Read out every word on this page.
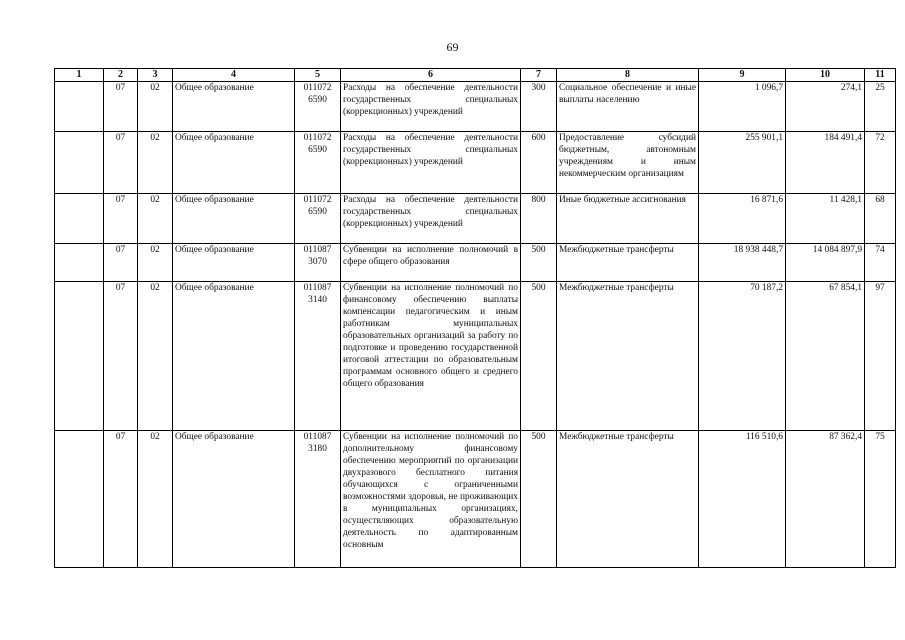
69
1	2	3	4	5	6	7	8	9	10	11
	07	02	Общее образование	011072 6590	Расходы на обеспечение деятельности государственных специальных (коррекционных) учреждений	300	Социальное обеспечение и иные выплаты населению	1 096,7	274,1	25
	07	02	Общее образование	011072 6590	Расходы на обеспечение деятельности государственных специальных (коррекционных) учреждений	600	Предоставление субсидий бюджетным, автономным учреждениям и иным некоммерческим организациям	255 901,1	184 491,4	72
	07	02	Общее образование	011072 6590	Расходы на обеспечение деятельности государственных специальных (коррекционных) учреждений	800	Иные бюджетные ассигнования	16 871,6	11 428,1	68
	07	02	Общее образование	011087 3070	Субвенции на исполнение полномочий в сфере общего образования	500	Межбюджетные трансферты	18 938 448,7	14 084 897,9	74
	07	02	Общее образование	011087 3140	Субвенции на исполнение полномочий по финансовому обеспечению выплаты компенсации педагогическим и иным работникам муниципальных образовательных организаций за работу по подготовке и проведению государственной итоговой аттестации по образовательным программам основного общего и среднего общего образования	500	Межбюджетные трансферты	70 187,2	67 854,1	97
	07	02	Общее образование	011087 3180	Субвенции на исполнение полномочий по дополнительному финансовому обеспечению мероприятий по организации двухразового бесплатного питания обучающихся с ограниченными возможностями здоровья, не проживающих в муниципальных организациях, осуществляющих образовательную деятельность по адаптированным основным	500	Межбюджетные трансферты	116 510,6	87 362,4	75
